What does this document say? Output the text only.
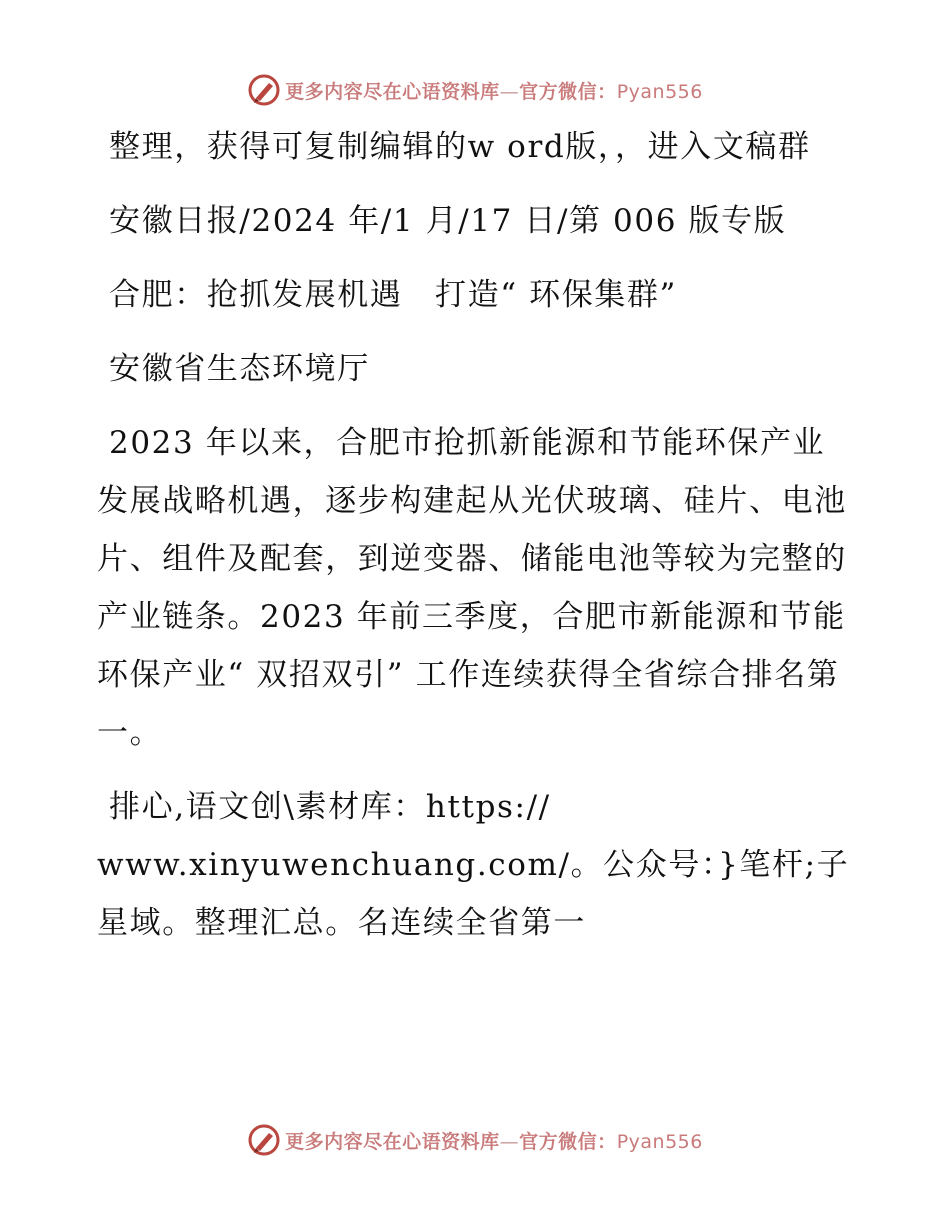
更多内容尽在心语资料库—官方微信：Pyan556

整理，获得可复制编辑的w ord版，，进入文稿群

安徽日报/2024 年/1 月/17 日/第 006 版专版

合肥：抢抓发展机遇　打造“ 环保集群”

安徽省生态环境厅

2023 年以来，合肥市抢抓新能源和节能环保产业发展战略机遇，逐步构建起从光伏玻璃、硅片、电池片、组件及配套，到逆变器、储能电池等较为完整的产业链条。2023 年前三季度，合肥市新能源和节能环保产业“ 双招双引” 工作连续获得全省综合排名第一。

排心,语文创\素材库：https://

www.xinyuwenchuang.com/。公众号：}笔杆;子星域。整理汇总。名连续全省第一

更多内容尽在心语资料库—官方微信：Pyan556
